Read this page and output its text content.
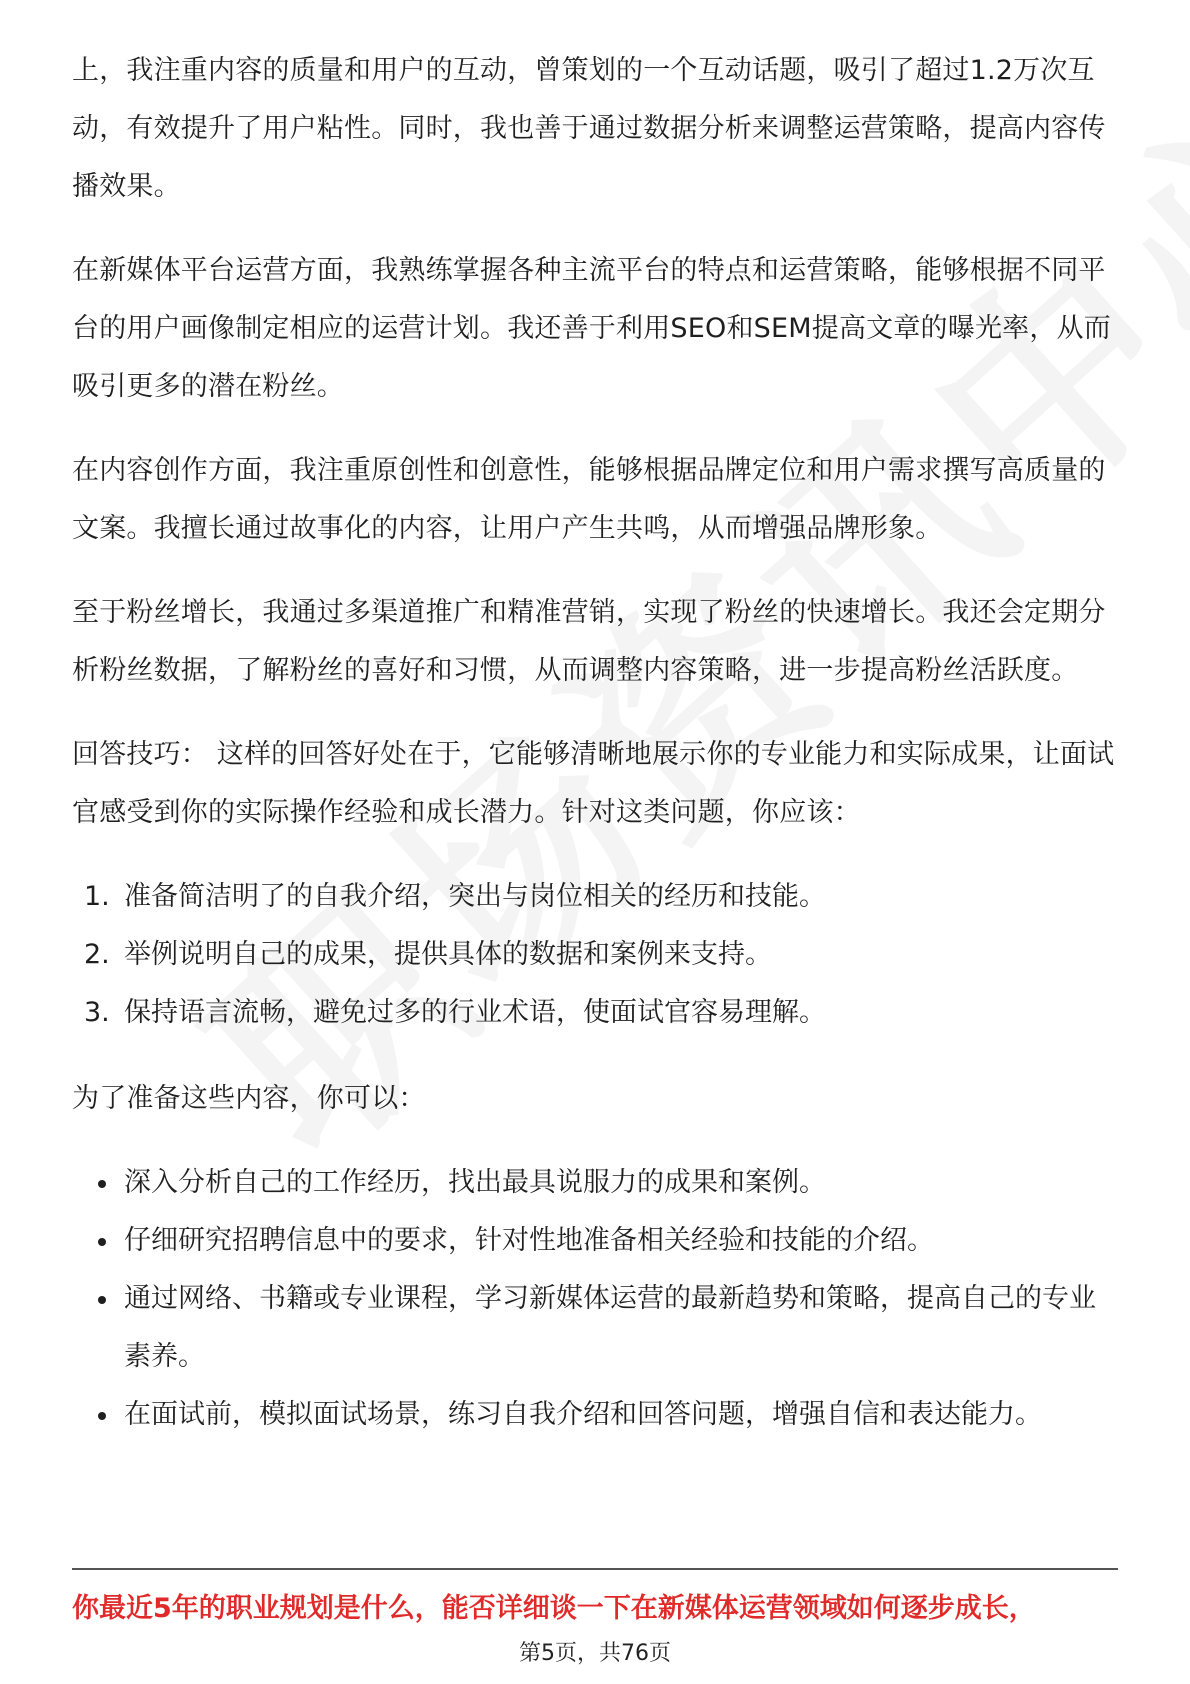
上，我注重内容的质量和用户的互动，曾策划的一个互动话题，吸引了超过1.2万次互动，有效提升了用户粘性。同时，我也善于通过数据分析来调整运营策略，提高内容传播效果。

在新媒体平台运营方面，我熟练掌握各种主流平台的特点和运营策略，能够根据不同平台的用户画像制定相应的运营计划。我还善于利用SEO和SEM提高文章的曝光率，从而吸引更多的潜在粉丝。

在内容创作方面，我注重原创性和创意性，能够根据品牌定位和用户需求撰写高质量的文案。我擅长通过故事化的内容，让用户产生共鸣，从而增强品牌形象。

至于粉丝增长，我通过多渠道推广和精准营销，实现了粉丝的快速增长。我还会定期分析粉丝数据，了解粉丝的喜好和习惯，从而调整内容策略，进一步提高粉丝活跃度。

回答技巧： 这样的回答好处在于，它能够清晰地展示你的专业能力和实际成果，让面试官感受到你的实际操作经验和成长潜力。针对这类问题，你应该：

1. 准备简洁明了的自我介绍，突出与岗位相关的经历和技能。
2. 举例说明自己的成果，提供具体的数据和案例来支持。
3. 保持语言流畅，避免过多的行业术语，使面试官容易理解。

为了准备这些内容，你可以：

深入分析自己的工作经历，找出最具说服力的成果和案例。
仔细研究招聘信息中的要求，针对性地准备相关经验和技能的介绍。
通过网络、书籍或专业课程，学习新媒体运营的最新趋势和策略，提高自己的专业素养。
在面试前，模拟面试场景，练习自我介绍和回答问题，增强自信和表达能力。
你最近5年的职业规划是什么，能否详细谈一下在新媒体运营领域如何逐步成长，
第5页，共76页
